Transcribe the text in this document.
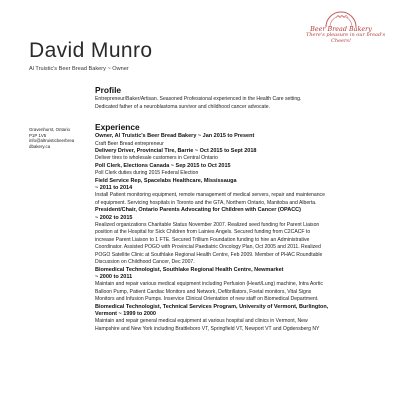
Beer Bread Bakery
There's pleasure in our bread's
Cheers!
David Munro
Al Truistic's Beer Bread Bakery ~ Owner
Gravenhurst, Ontario
P1P 1V5
info@altruisticbeerbrea
dbakery.ca
Profile
Entrepreneur/Baker/Artisan. Seasoned Professional experienced in the Health Care setting.
Dedicated father of a neuroblastoma survivor and childhood cancer advocate.
Experience
Owner, Al Truistic's Beer Bread Bakery ~ Jan 2015 to Present
Craft Beer Bread entrepreneur
Delivery Driver, Provincial Tire, Barrie ~ Oct 2015 to Sept 2018
Deliver tires to wholesale customers in Central Ontario
Poll Clerk, Elections Canada ~ Sep 2015 to Oct 2015
Poll Clerk duties during 2015 Federal Election
Field Service Rep, Spacelabs Healthcare, Mississauga
~ 2011 to 2014
Install Patient monitoring equipment, remote management of medical servers, repair and maintenance
of equipment. Servicing hospitals in Toronto and the GTA, Northern Ontario, Manitoba and Alberta.
President/Chair, Ontario Parents Advocating for Children with Cancer (OPACC)
~ 2002 to 2015
Realized organizations Charitable Status November 2007. Realized seed funding for Parent Liaison
position at the Hospital for Sick Children from Lainies Angels. Secured funding from C2CACF to
increase Parent Liaison to 1 FTE. Secured Trillium Foundation funding to hire an Administrative
Coordinator. Assisted POGO with Provincial Paediatric Oncology Plan, Oct 2005 and 2011. Realized
POGO Satellite Clinic at Southlake Regional Health Centre, Feb 2009. Member of PHAC Roundtable
Discussion on Childhood Cancer, Dec 2007.
Biomedical Technologist, Southlake Regional Health Centre, Newmarket
~ 2000 to 2011
Maintain and repair various medical equipment including Perfusion (Heart/Lung) machine, Intra Aortic
Balloon Pump, Patient Cardiac Monitors and Network, Defibrillators, Foetal monitors, Vital Signs
Monitors and Infusion Pumps. Inservice Clinical Orientation of new staff on Biomedical Department.
Biomedical Technologist, Technical Services Program, University of Vermont, Burlington,
Vermont ~ 1999 to 2000
Maintain and repair general medical equipment at various hospital and clinics in Vermont, New
Hampshire and New York including Brattleboro VT, Springfield VT, Newport VT and Ogdensberg NY
